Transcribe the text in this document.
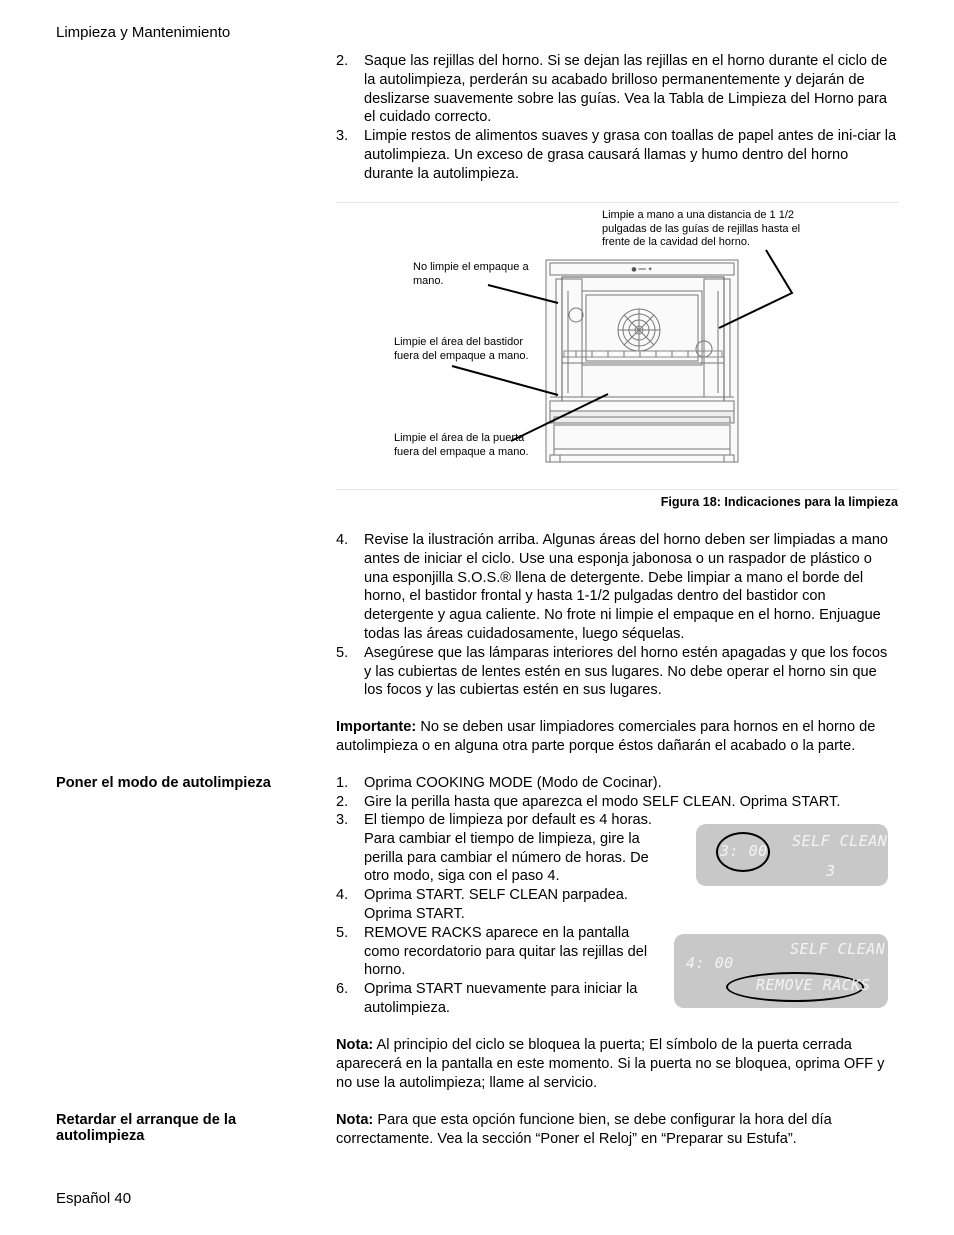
Limpieza y Mantenimiento
Español 40
2. Saque las rejillas del horno. Si se dejan las rejillas en el horno durante el ciclo de la autolimpieza, perderán su acabado brilloso permanentemente y dejarán de deslizarse suavemente sobre las guías. Vea la Tabla de Limpieza del Horno para el cuidado correcto.
3. Limpie restos de alimentos suaves y grasa con toallas de papel antes de ini-ciar la autolimpieza. Un exceso de grasa causará llamas y humo dentro del horno durante la autolimpieza.
Limpie a mano a una distancia de 1 1/2 pulgadas de las guías de rejillas hasta el frente de la cavidad del horno.
No limpie el empaque a mano.
Limpie el área del bastidor fuera del empaque a mano.
Limpie el área de la puerta fuera del empaque a mano.
● ━━ ✦
Figura 18: Indicaciones para la limpieza
4. Revise la ilustración arriba. Algunas áreas del horno deben ser limpiadas a mano antes de iniciar el ciclo. Use una esponja jabonosa o un raspador de plástico o una esponjilla S.O.S.® llena de detergente. Debe limpiar a mano el borde del horno, el bastidor frontal y hasta 1-1/2 pulgadas dentro del bastidor con detergente y agua caliente. No frote ni limpie el empaque en el horno. Enjuague todas las áreas cuidadosamente, luego séquelas.
5. Asegúrese que las lámparas interiores del horno estén apagadas y que los focos y las cubiertas de lentes estén en sus lugares. No debe operar el horno sin que los focos y las cubiertas estén en sus lugares.
Importante: No se deben usar limpiadores comerciales para hornos en el horno de autolimpieza o en alguna otra parte porque éstos dañarán el acabado o la parte.
Poner el modo de autolimpieza	1. Oprima COOKING MODE (Modo de Cocinar).
2. Gire la perilla hasta que aparezca el modo SELF CLEAN. Oprima START.
3. El tiempo de limpieza por default es 4 horas. Para cambiar el tiempo de limpieza, gire la perilla para cambiar el número de horas. De otro modo, siga con el paso 4.
4. Oprima START. SELF CLEAN parpadea. Oprima START.
5. REMOVE RACKS aparece en la pantalla como recordatorio para quitar las rejillas del horno.
6. Oprima START nuevamente para iniciar la autolimpieza.
3: 00
SELF CLEAN
3
4: 00
SELF CLEAN
REMOVE RACKS
Nota: Al principio del ciclo se bloquea la puerta; El símbolo de la puerta cerrada aparecerá en la pantalla en este momento. Si la puerta no se bloquea, oprima OFF y no use la autolimpieza; llame al servicio.
Retardar el arranque de la autolimpieza
Nota: Para que esta opción funcione bien, se debe configurar la hora del día correctamente. Vea la sección “Poner el Reloj” en “Preparar su Estufa”.
